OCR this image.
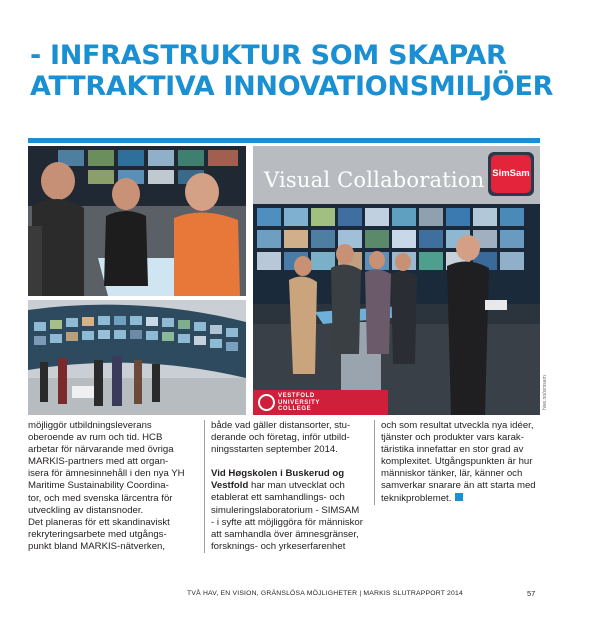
- INFRASTRUKTUR SOM SKAPAR
ATTRAKTIVA INNOVATIONSMILJÖER
Visual Collaboration SimSam
VESTFOLD
UNIVERSITY
COLLEGE	hive.no/simsam

möjliggör utbildningsleverans

oberoende av rum och tid. HCB

arbetar för närvarande med övriga

MARKIS-partners med att organ-

isera för ämnesinnehåll i den nya YH

Maritime Sustainability Coordina-

tor, och med svenska lärcentra för

utveckling av distansnoder.

Det planeras för ett skandinaviskt

rekryteringsarbete med utgångs-

punkt bland MARKIS-nätverken,

både vad gäller distansorter, stu-

derande och företag, inför utbild-

ningsstarten september 2014.

Vid Høgskolen i Buskerud og Vestfold har man utvecklat och

etablerat ett samhandlings- och

simuleringslaboratorium - SIMSAM

- i syfte att möjliggöra för människor

att samhandla över ämnesgränser,

forsknings- och yrkeserfarenhet

och som resultat utveckla nya idéer,

tjänster och produkter vars karak-

täristika innefattar en stor grad av

komplexitet. Utgångspunkten är hur

människor tänker, lär, känner och

samverkar snarare än att starta med

teknikproblemet.

TVÅ HAV, EN VISION, GRÄNSLÖSA MÖJLIGHETER | MARKIS SLUTRAPPORT 2014	57
